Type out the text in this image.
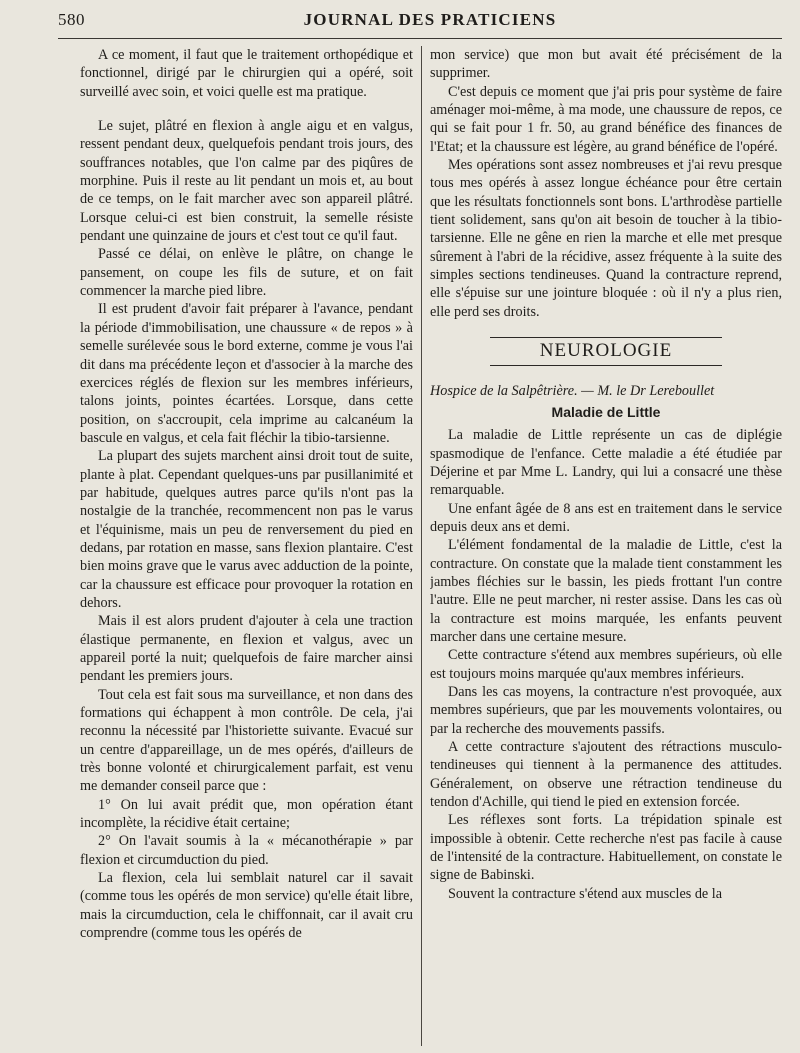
580	JOURNAL DES PRATICIENS

A ce moment, il faut que le traitement orthopédique et fonctionnel, dirigé par le chirurgien qui a opéré, soit surveillé avec soin, et voici quelle est ma pratique.

Le sujet, plâtré en flexion à angle aigu et en valgus, ressent pendant deux, quelquefois pendant trois jours, des souffrances notables, que l'on calme par des piqûres de morphine. Puis il reste au lit pendant un mois et, au bout de ce temps, on le fait marcher avec son appareil plâtré. Lorsque celui-ci est bien construit, la semelle résiste pendant une quinzaine de jours et c'est tout ce qu'il faut.

Passé ce délai, on enlève le plâtre, on change le pansement, on coupe les fils de suture, et on fait commencer la marche pied libre.

Il est prudent d'avoir fait préparer à l'avance, pendant la période d'immobilisation, une chaussure « de repos » à semelle surélevée sous le bord externe, comme je vous l'ai dit dans ma précédente leçon et d'associer à la marche des exercices réglés de flexion sur les membres inférieurs, talons joints, pointes écartées. Lorsque, dans cette position, on s'accroupit, cela imprime au calcanéum la bascule en valgus, et cela fait fléchir la tibio-tarsienne.

La plupart des sujets marchent ainsi droit tout de suite, plante à plat. Cependant quelques-uns par pusillanimité et par habitude, quelques autres parce qu'ils n'ont pas la nostalgie de la tranchée, recommencent non pas le varus et l'équinisme, mais un peu de renversement du pied en dedans, par rotation en masse, sans flexion plantaire. C'est bien moins grave que le varus avec adduction de la pointe, car la chaussure est efficace pour provoquer la rotation en dehors.

Mais il est alors prudent d'ajouter à cela une traction élastique permanente, en flexion et valgus, avec un appareil porté la nuit; quelquefois de faire marcher ainsi pendant les premiers jours.

Tout cela est fait sous ma surveillance, et non dans des formations qui échappent à mon contrôle. De cela, j'ai reconnu la nécessité par l'historiette suivante. Evacué sur un centre d'appareillage, un de mes opérés, d'ailleurs de très bonne volonté et chirurgicalement parfait, est venu me demander conseil parce que :

1° On lui avait prédit que, mon opération étant incomplète, la récidive était certaine;

2° On l'avait soumis à la « mécanothérapie » par flexion et circumduction du pied.

La flexion, cela lui semblait naturel car il savait (comme tous les opérés de mon service) qu'elle était libre, mais la circumduction, cela le chiffonnait, car il avait cru comprendre (comme tous les opérés de

mon service) que mon but avait été précisément de la supprimer.

C'est depuis ce moment que j'ai pris pour système de faire aménager moi-même, à ma mode, une chaussure de repos, ce qui se fait pour 1 fr. 50, au grand bénéfice des finances de l'Etat; et la chaussure est légère, au grand bénéfice de l'opéré.

Mes opérations sont assez nombreuses et j'ai revu presque tous mes opérés à assez longue échéance pour être certain que les résultats fonctionnels sont bons. L'arthrodèse partielle tient solidement, sans qu'on ait besoin de toucher à la tibio-tarsienne. Elle ne gêne en rien la marche et elle met presque sûrement à l'abri de la récidive, assez fréquente à la suite des simples sections tendineuses. Quand la contracture reprend, elle s'épuise sur une jointure bloquée : où il n'y a plus rien, elle perd ses droits.

NEUROLOGIE

Hospice de la Salpêtrière. — M. le Dr Lereboullet

Maladie de Little

La maladie de Little représente un cas de diplégie spasmodique de l'enfance. Cette maladie a été étudiée par Déjerine et par Mme L. Landry, qui lui a consacré une thèse remarquable.

Une enfant âgée de 8 ans est en traitement dans le service depuis deux ans et demi.

L'élément fondamental de la maladie de Little, c'est la contracture. On constate que la malade tient constamment les jambes fléchies sur le bassin, les pieds frottant l'un contre l'autre. Elle ne peut marcher, ni rester assise. Dans les cas où la contracture est moins marquée, les enfants peuvent marcher dans une certaine mesure.

Cette contracture s'étend aux membres supérieurs, où elle est toujours moins marquée qu'aux membres inférieurs.

Dans les cas moyens, la contracture n'est provoquée, aux membres supérieurs, que par les mouvements volontaires, ou par la recherche des mouvements passifs.

A cette contracture s'ajoutent des rétractions musculo-tendineuses qui tiennent à la permanence des attitudes. Généralement, on observe une rétraction tendineuse du tendon d'Achille, qui tiend le pied en extension forcée.

Les réflexes sont forts. La trépidation spinale est impossible à obtenir. Cette recherche n'est pas facile à cause de l'intensité de la contracture. Habituellement, on constate le signe de Babinski.

Souvent la contracture s'étend aux muscles de la
